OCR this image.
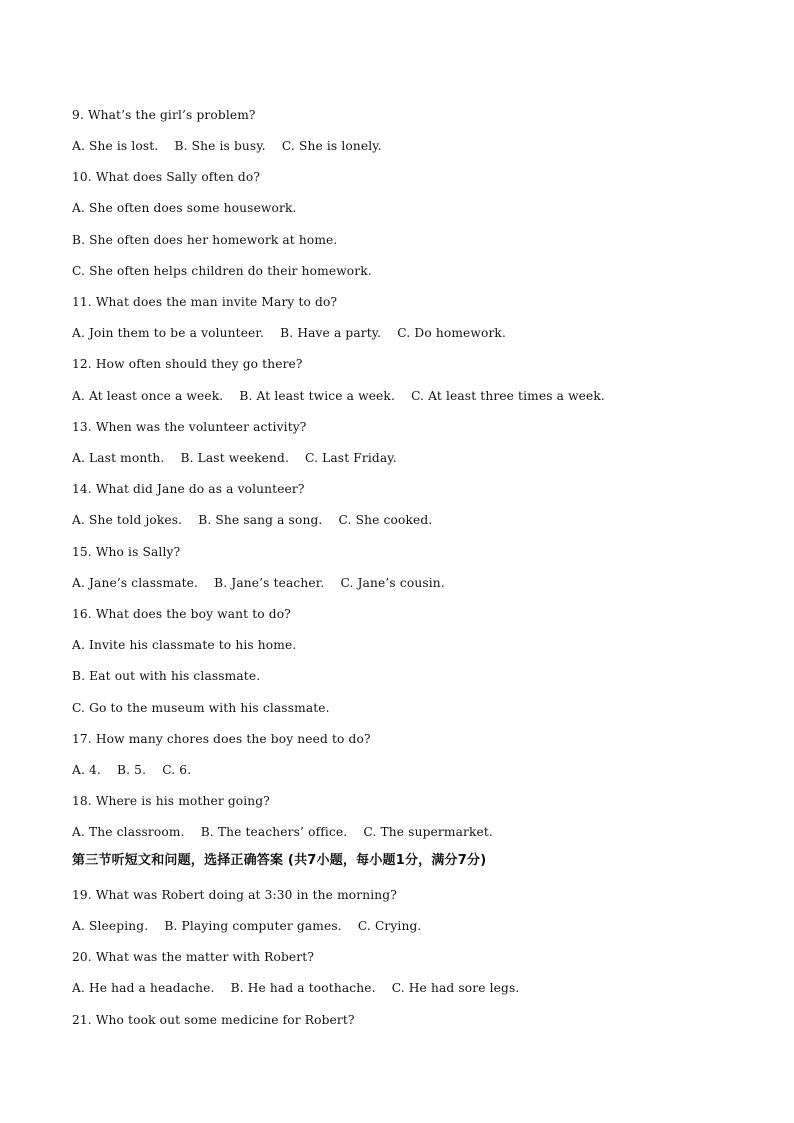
9. What’s the girl’s problem?
A. She is lost.    B. She is busy.    C. She is lonely.
10. What does Sally often do?
A. She often does some housework.
B. She often does her homework at home.
C. She often helps children do their homework.
11. What does the man invite Mary to do?
A. Join them to be a volunteer.    B. Have a party.    C. Do homework.
12. How often should they go there?
A. At least once a week.    B. At least twice a week.    C. At least three times a week.
13. When was the volunteer activity?
A. Last month.    B. Last weekend.    C. Last Friday.
14. What did Jane do as a volunteer?
A. She told jokes.    B. She sang a song.    C. She cooked.
15. Who is Sally?
A. Jane’s classmate.    B. Jane’s teacher.    C. Jane’s cousin.
16. What does the boy want to do?
A. Invite his classmate to his home.
B. Eat out with his classmate.
C. Go to the museum with his classmate.
17. How many chores does the boy need to do?
A. 4.    B. 5.    C. 6.
18. Where is his mother going?
A. The classroom.    B. The teachers’ office.    C. The supermarket.
第三节听短文和问题，选择正确答案 (共7小题，每小题1分，满分7分)
19. What was Robert doing at 3:30 in the morning?
A. Sleeping.    B. Playing computer games.    C. Crying.
20. What was the matter with Robert?
A. He had a headache.    B. He had a toothache.    C. He had sore legs.
21. Who took out some medicine for Robert?
